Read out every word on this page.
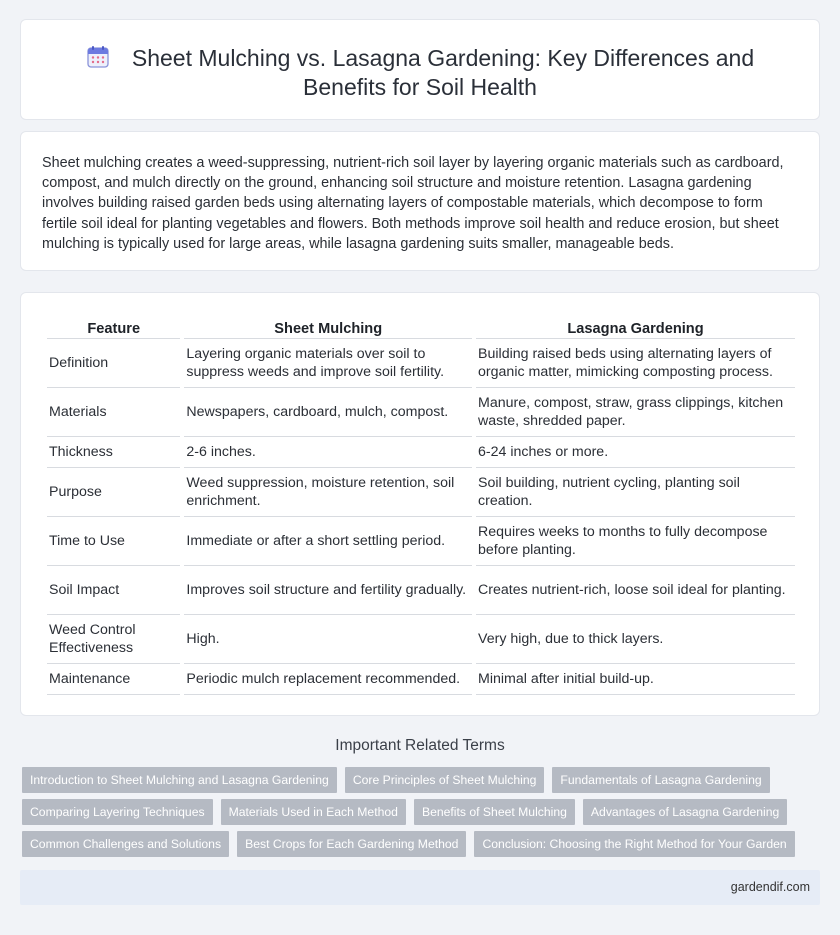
Sheet Mulching vs. Lasagna Gardening: Key Differences and Benefits for Soil Health

Sheet mulching creates a weed-suppressing, nutrient-rich soil layer by layering organic materials such as cardboard, compost, and mulch directly on the ground, enhancing soil structure and moisture retention. Lasagna gardening involves building raised garden beds using alternating layers of compostable materials, which decompose to form fertile soil ideal for planting vegetables and flowers. Both methods improve soil health and reduce erosion, but sheet mulching is typically used for large areas, while lasagna gardening suits smaller, manageable beds.

Feature	Sheet Mulching	Lasagna Gardening
Definition	Layering organic materials over soil to suppress weeds and improve soil fertility.	Building raised beds using alternating layers of organic matter, mimicking composting process.
Materials	Newspapers, cardboard, mulch, compost.	Manure, compost, straw, grass clippings, kitchen waste, shredded paper.
Thickness	2-6 inches.	6-24 inches or more.
Purpose	Weed suppression, moisture retention, soil enrichment.	Soil building, nutrient cycling, planting soil creation.
Time to Use	Immediate or after a short settling period.	Requires weeks to months to fully decompose before planting.
Soil Impact	Improves soil structure and fertility gradually.	Creates nutrient-rich, loose soil ideal for planting.
Weed Control Effectiveness	High.	Very high, due to thick layers.
Maintenance	Periodic mulch replacement recommended.	Minimal after initial build-up.
Important Related Terms
Introduction to Sheet Mulching and Lasagna Gardening	Core Principles of Sheet Mulching	Fundamentals of Lasagna Gardening
Comparing Layering Techniques	Materials Used in Each Method	Benefits of Sheet Mulching	Advantages of Lasagna Gardening
Common Challenges and Solutions	Best Crops for Each Gardening Method	Conclusion: Choosing the Right Method for Your Garden
gardendif.com
